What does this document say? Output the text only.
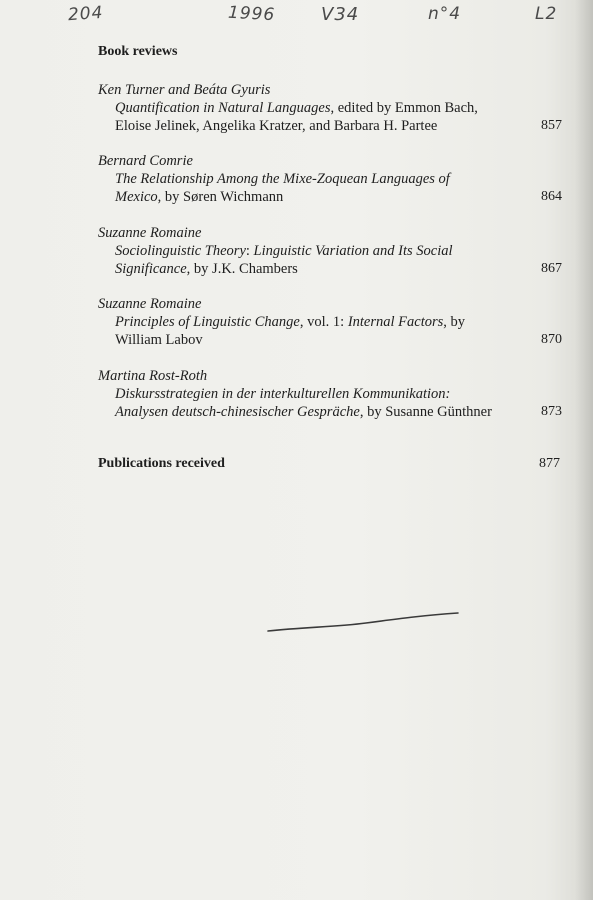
204	1996	V34	n°4	L2
Book reviews
Ken Turner and Beáta Gyuris
Quantification in Natural Languages, edited by Emmon Bach,
Eloise Jelinek, Angelika Kratzer, and Barbara H. Partee	857
Bernard Comrie
The Relationship Among the Mixe-Zoquean Languages of
Mexico, by Søren Wichmann	864
Suzanne Romaine
Sociolinguistic Theory: Linguistic Variation and Its Social
Significance, by J.K. Chambers	867
Suzanne Romaine
Principles of Linguistic Change, vol. 1: Internal Factors, by
William Labov	870
Martina Rost-Roth
Diskursstrategien in der interkulturellen Kommunikation:
Analysen deutsch-chinesischer Gespräche, by Susanne Günthner	873
Publications received	877
